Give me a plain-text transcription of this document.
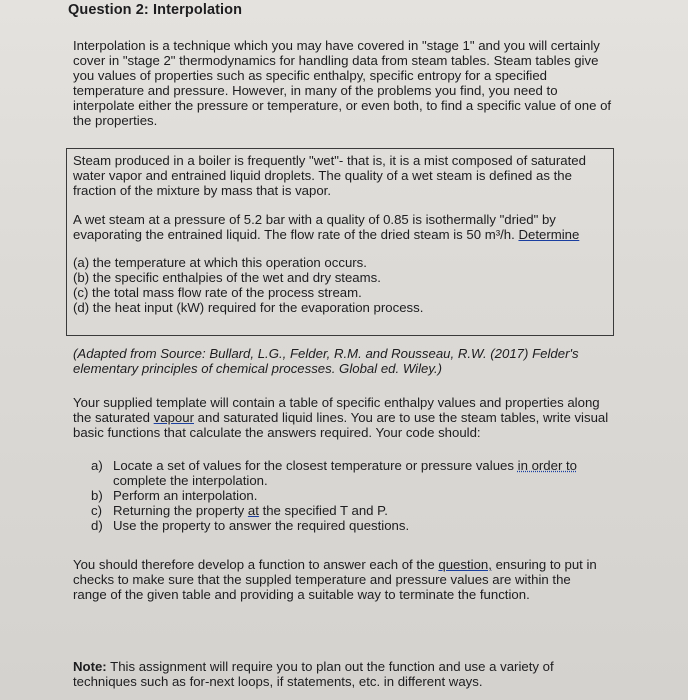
Question 2: Interpolation
Interpolation is a technique which you may have covered in "stage 1" and you will certainly cover in "stage 2" thermodynamics for handling data from steam tables. Steam tables give you values of properties such as specific enthalpy, specific entropy for a specified temperature and pressure. However, in many of the problems you find, you need to interpolate either the pressure or temperature, or even both, to find a specific value of one of the properties.

Steam produced in a boiler is frequently "wet"- that is, it is a mist composed of saturated water vapor and entrained liquid droplets. The quality of a wet steam is defined as the fraction of the mixture by mass that is vapor.

A wet steam at a pressure of 5.2 bar with a quality of 0.85 is isothermally "dried" by evaporating the entrained liquid. The flow rate of the dried steam is 50 m³/h. Determine

(a) the temperature at which this operation occurs.
(b) the specific enthalpies of the wet and dry steams.
(c) the total mass flow rate of the process stream.
(d) the heat input (kW) required for the evaporation process.
(Adapted from Source: Bullard, L.G., Felder, R.M. and Rousseau, R.W. (2017) Felder's elementary principles of chemical processes. Global ed. Wiley.)
Your supplied template will contain a table of specific enthalpy values and properties along the saturated vapour and saturated liquid lines. You are to use the steam tables, write visual basic functions that calculate the answers required. Your code should:
a) Locate a set of values for the closest temperature or pressure values in order to complete the interpolation.
b) Perform an interpolation.
c) Returning the property at the specified T and P.
d) Use the property to answer the required questions.
You should therefore develop a function to answer each of the question, ensuring to put in checks to make sure that the suppled temperature and pressure values are within the range of the given table and providing a suitable way to terminate the function.
Note: This assignment will require you to plan out the function and use a variety of techniques such as for-next loops, if statements, etc. in different ways.
